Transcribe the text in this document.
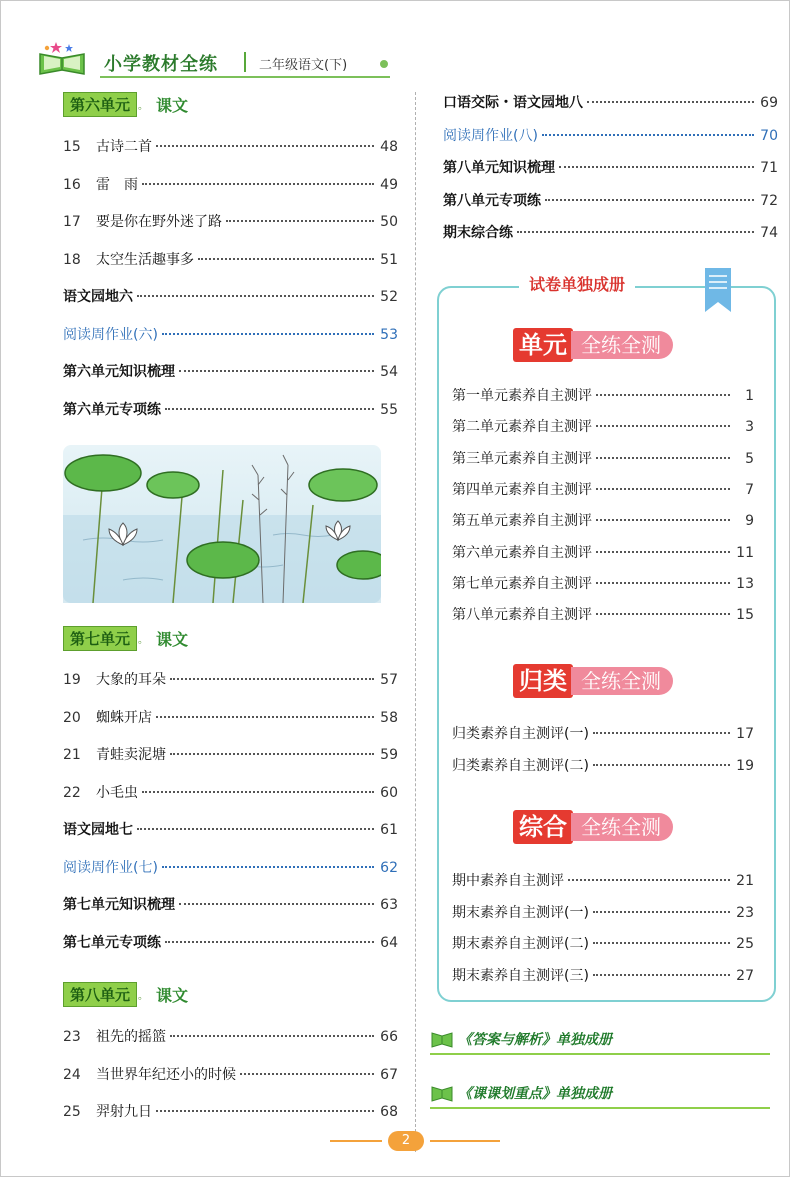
小学教材全练	二年级语文(下)
第六单元 。 课文
15	古诗二首	48
16	雷　雨	49
17	要是你在野外迷了路	50
18	太空生活趣事多	51
语文园地六	52
阅读周作业(六)	53
第六单元知识梳理	54
第六单元专项练	55
第七单元 。 课文
19	大象的耳朵	57
20	蜘蛛开店	58
21	青蛙卖泥塘	59
22	小毛虫	60
语文园地七	61
阅读周作业(七)	62
第七单元知识梳理	63
第七单元专项练	64
第八单元 。 课文
23	祖先的摇篮	66
24	当世界年纪还小的时候	67
25	羿射九日	68
口语交际・语文园地八	69
阅读周作业(八)	70
第八单元知识梳理	71
第八单元专项练	72
期末综合练	74
试卷单独成册
单元 全练全测
第一单元素养自主测评	1
第二单元素养自主测评	3
第三单元素养自主测评	5
第四单元素养自主测评	7
第五单元素养自主测评	9
第六单元素养自主测评	11
第七单元素养自主测评	13
第八单元素养自主测评	15
归类 全练全测
归类素养自主测评(一)	17
归类素养自主测评(二)	19
综合 全练全测
期中素养自主测评	21
期末素养自主测评(一)	23
期末素养自主测评(二)	25
期末素养自主测评(三)	27
《答案与解析》单独成册
《课课划重点》单独成册
2
